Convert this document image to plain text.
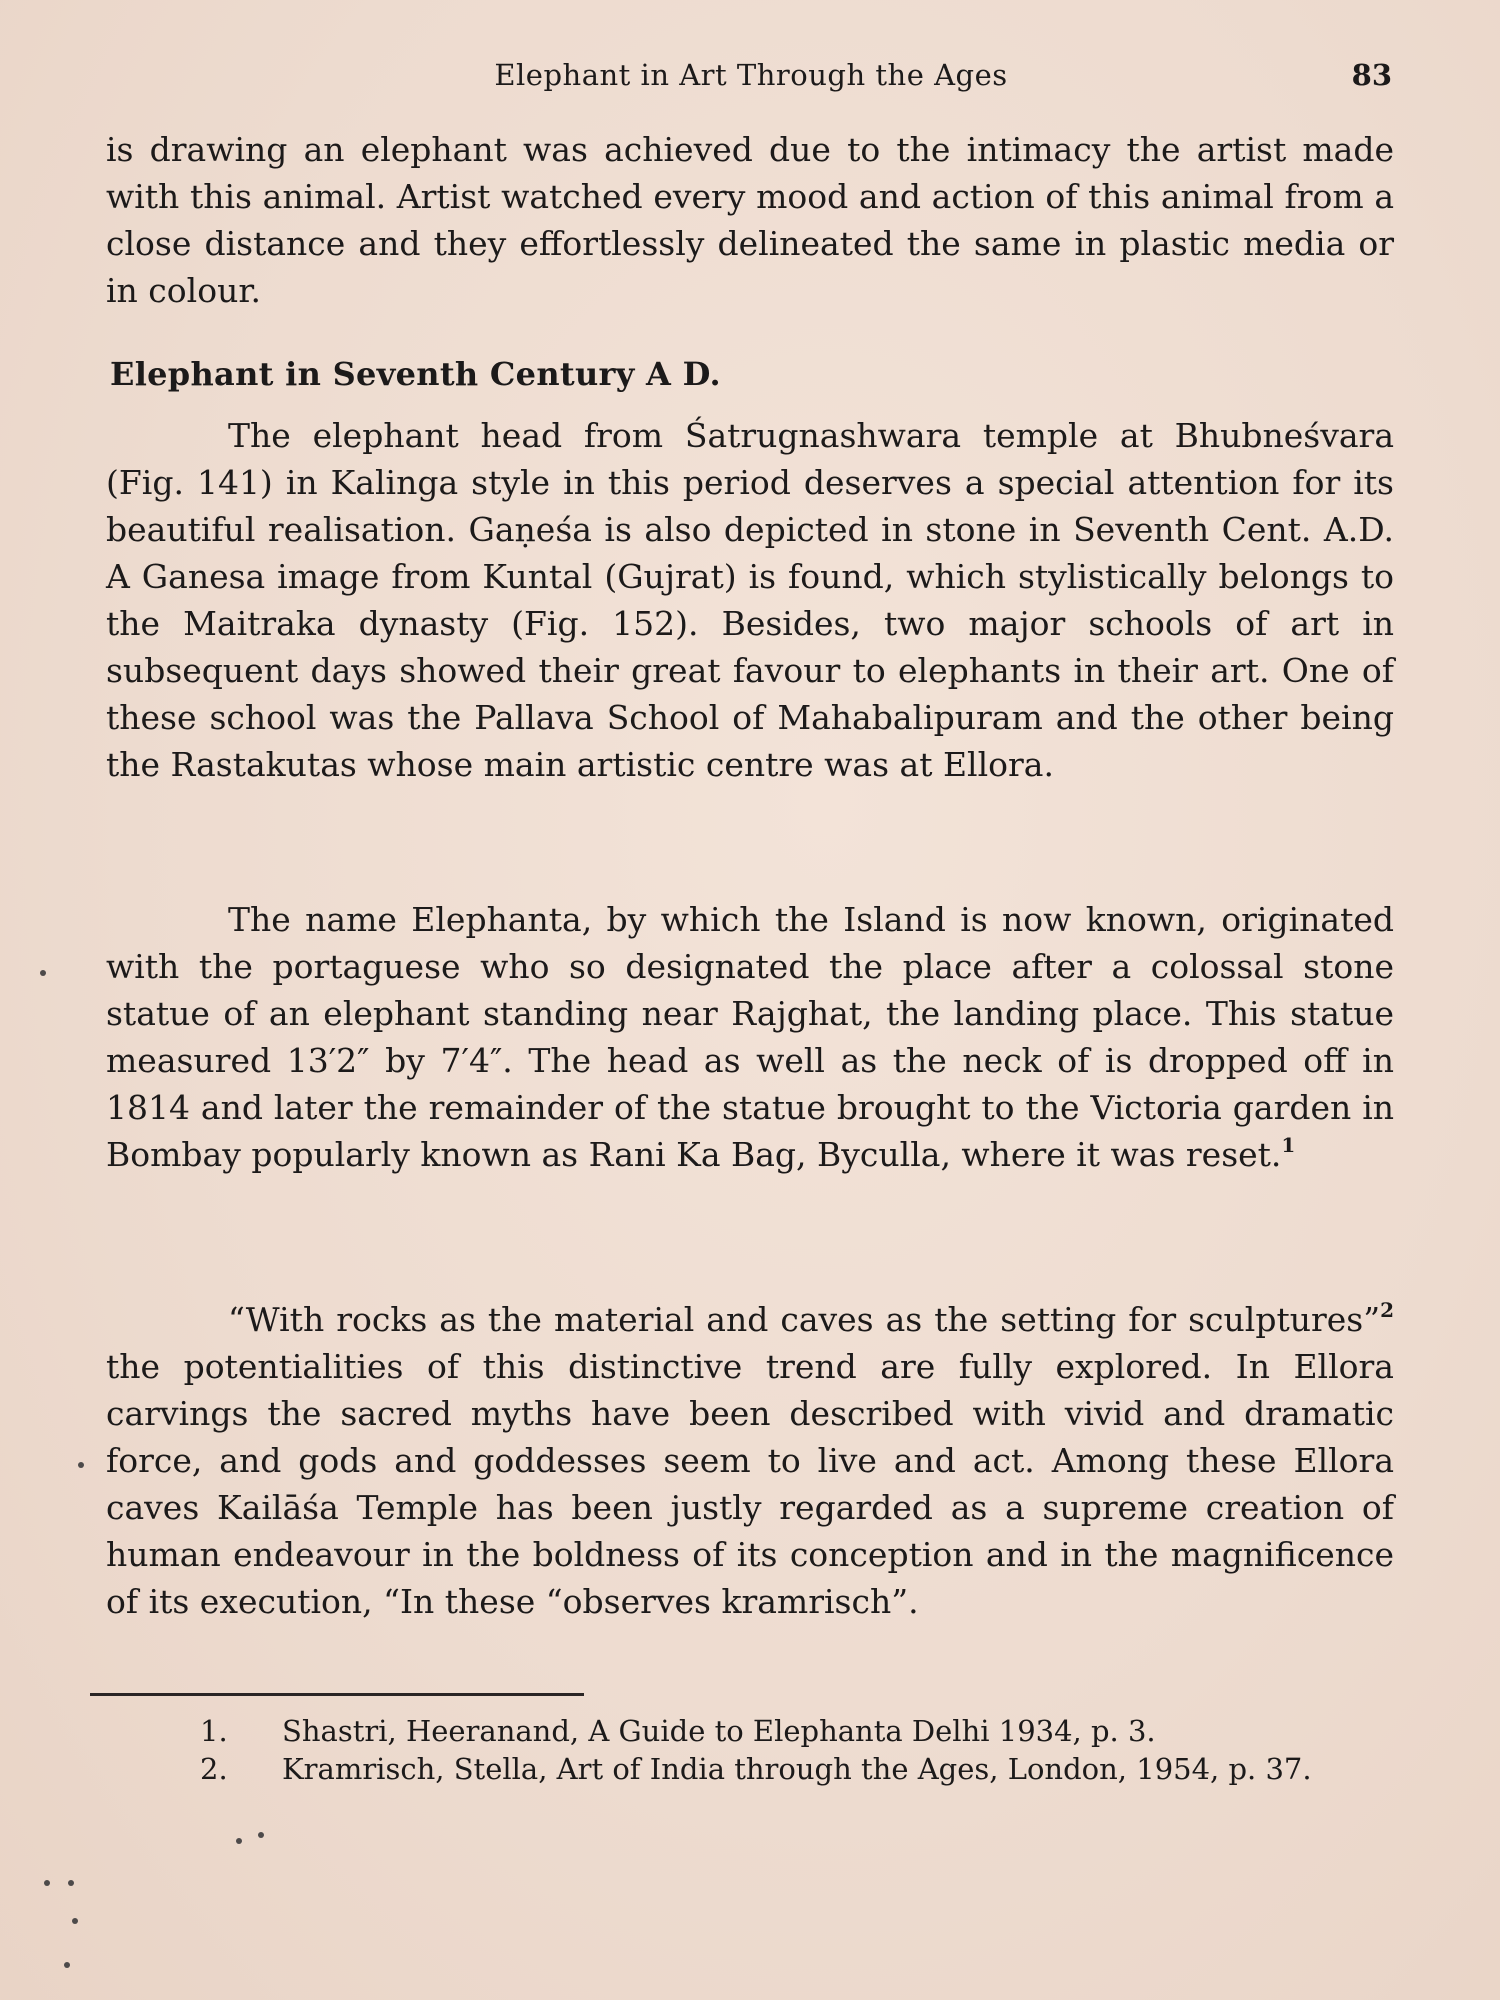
Elephant in Art Through the Ages	83

is drawing an elephant was achieved due to the intimacy the artist made with this animal. Artist watched every mood and action of this animal from a close distance and they effortlessly delineated the same in plastic media or in colour.

Elephant in Seventh Century A D.

The elephant head from Śatrugnashwara temple at Bhubneśvara (Fig. 141) in Kalinga style in this period deserves a special attention for its beautiful realisation. Gaṇeśa is also depicted in stone in Seventh Cent. A.D. A Ganesa image from Kuntal (Gujrat) is found, which stylistically belongs to the Maitraka dynasty (Fig. 152). Besides, two major schools of art in subsequent days showed their great favour to elephants in their art. One of these school was the Pallava School of Mahabalipuram and the other being the Rastakutas whose main artistic centre was at Ellora.

The name Elephanta, by which the Island is now known, originated with the portaguese who so designated the place after a colossal stone statue of an elephant standing near Rajghat, the landing place. This statue measured 13′2″ by 7′4″. The head as well as the neck of is dropped off in 1814 and later the remainder of the statue brought to the Victoria garden in Bombay popularly known as Rani Ka Bag, Byculla, where it was reset.$^1$

“With rocks as the material and caves as the setting for sculptures”$^2$ the potentialities of this distinctive trend are fully explored. In Ellora carvings the sacred myths have been described with vivid and dramatic force, and gods and goddesses seem to live and act. Among these Ellora caves Kailāśa Temple has been justly regarded as a supreme creation of human endeavour in the boldness of its conception and in the magnificence of its execution, “In these “observes kramrisch”.

1.	Shastri, Heeranand, A Guide to Elephanta Delhi 1934, p. 3.
2.	Kramrisch, Stella, Art of India through the Ages, London, 1954, p. 37.
